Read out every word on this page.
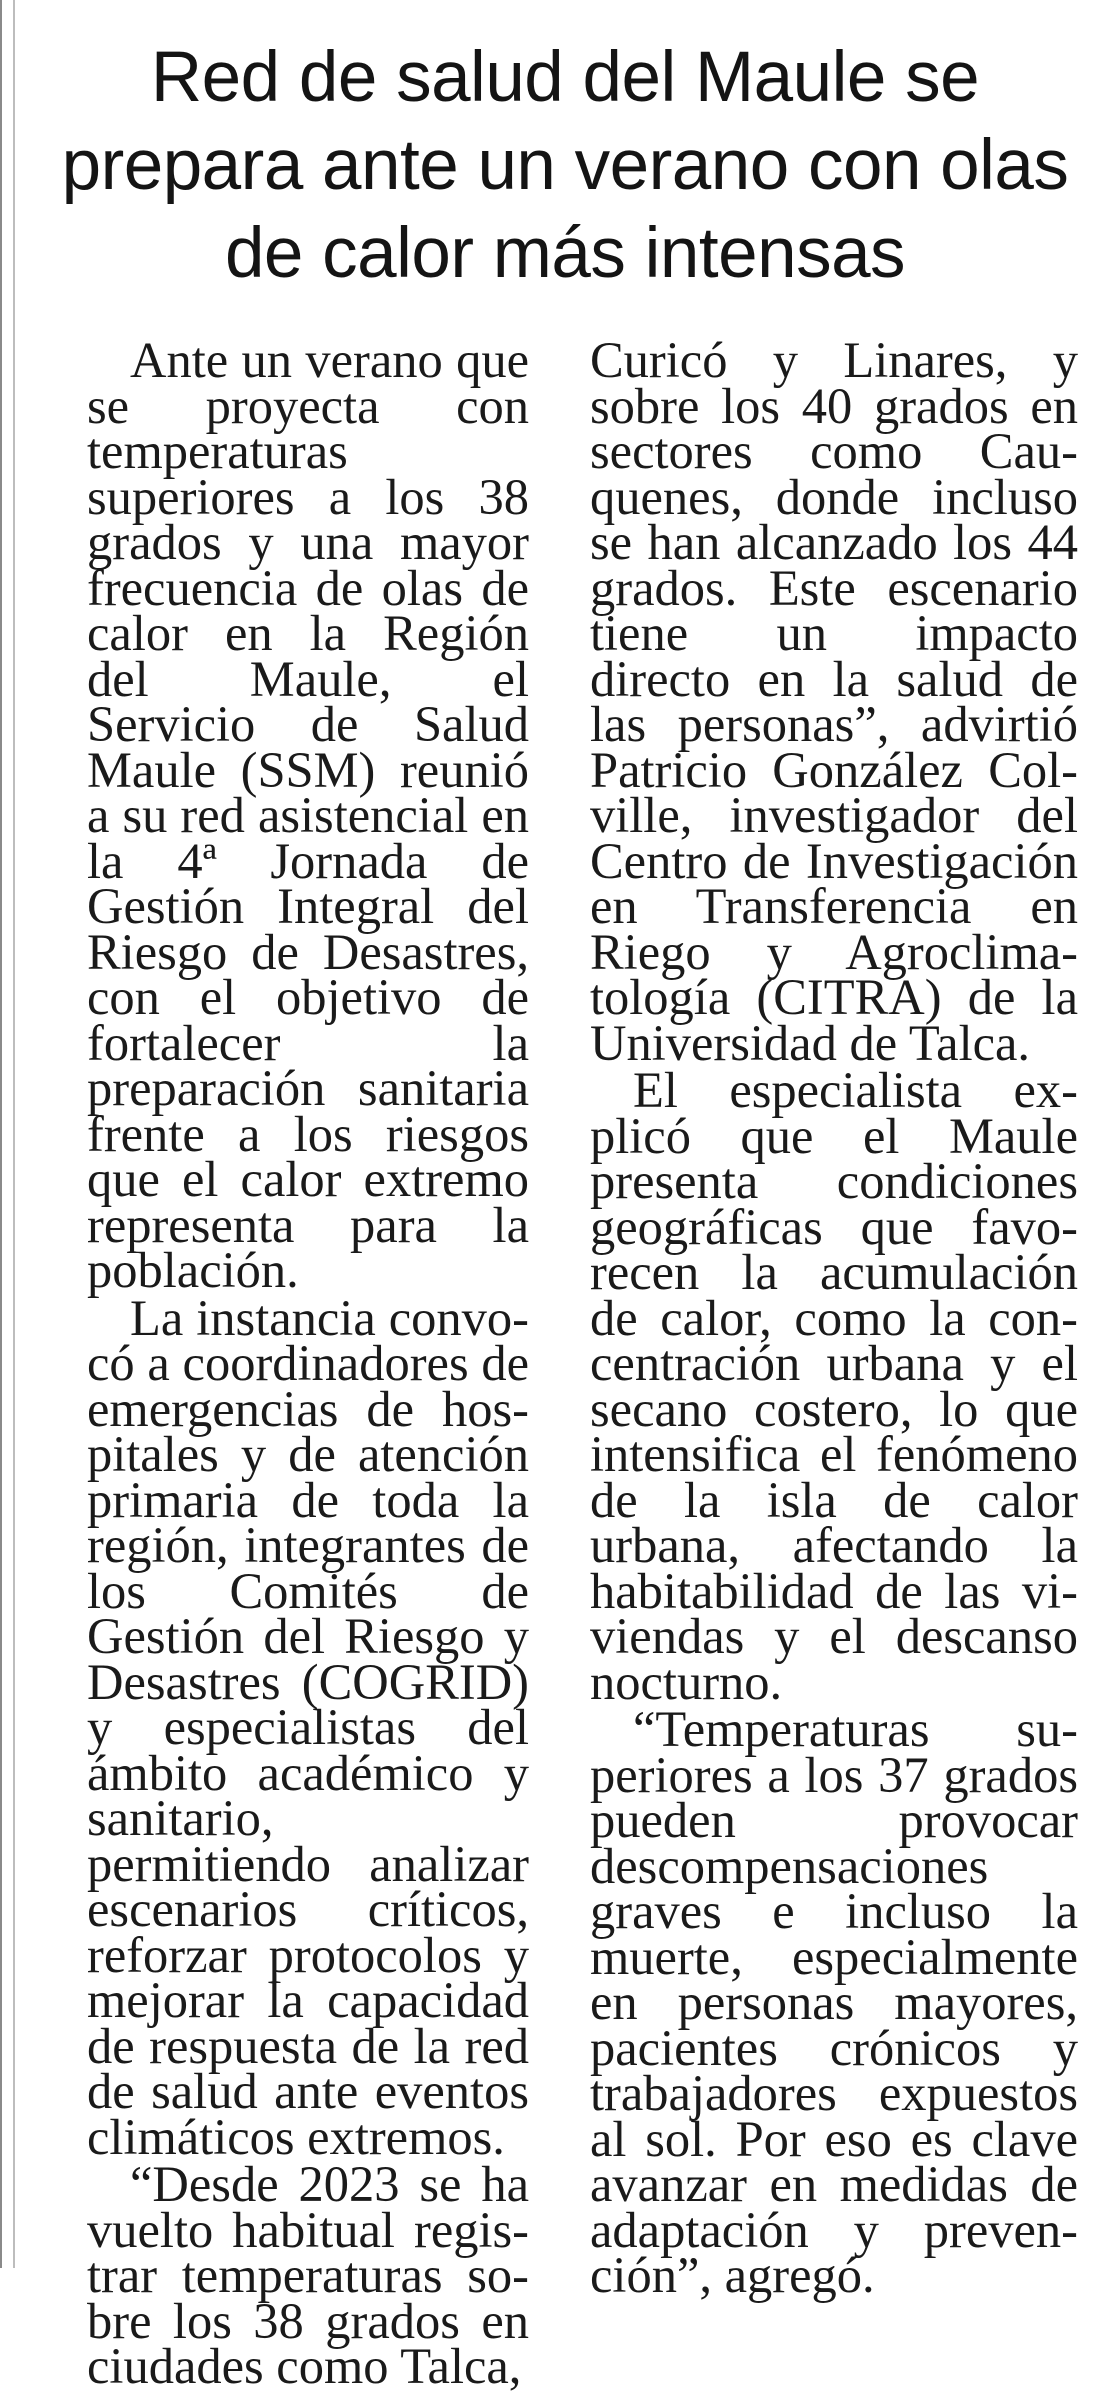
Red de salud del Maule se prepara ante un verano con olas de calor más intensas

Ante un verano que se proyecta con temperaturas superiores a los 38 grados y una mayor frecuencia de olas de calor en la Región del Maule, el Servicio de Salud Maule (SSM) reunió a su red asistencial en la 4ª Jornada de Gestión Integral del Riesgo de Desastres, con el objetivo de fortalecer la preparación sanitaria frente a los riesgos que el calor extremo representa para la población.

La instancia convocó a coordinadores de emergencias de hospitales y de atención primaria de toda la región, integrantes de los Comités de Gestión del Riesgo y Desastres (COGRID) y especialistas del ámbito académico y sanitario, permitiendo analizar escenarios críticos, reforzar protocolos y mejorar la capacidad de respuesta de la red de salud ante eventos climáticos extremos.

“Desde 2023 se ha vuelto habitual registrar temperaturas sobre los 38 grados en ciudades como Talca,

Curicó y Linares, y sobre los 40 grados en sectores como Cauquenes, donde incluso se han alcanzado los 44 grados. Este escenario tiene un impacto directo en la salud de las personas”, advirtió Patricio González Colville, investigador del Centro de Investigación en Transferencia en Riego y Agroclimatología (CITRA) de la Universidad de Talca.

El especialista explicó que el Maule presenta condiciones geográficas que favorecen la acumulación de calor, como la concentración urbana y el secano costero, lo que intensifica el fenómeno de la isla de calor urbana, afectando la habitabilidad de las viviendas y el descanso nocturno.

“Temperaturas superiores a los 37 grados pueden provocar descompensaciones graves e incluso la muerte, especialmente en personas mayores, pacientes crónicos y trabajadores expuestos al sol. Por eso es clave avanzar en medidas de adaptación y prevención”, agregó.
